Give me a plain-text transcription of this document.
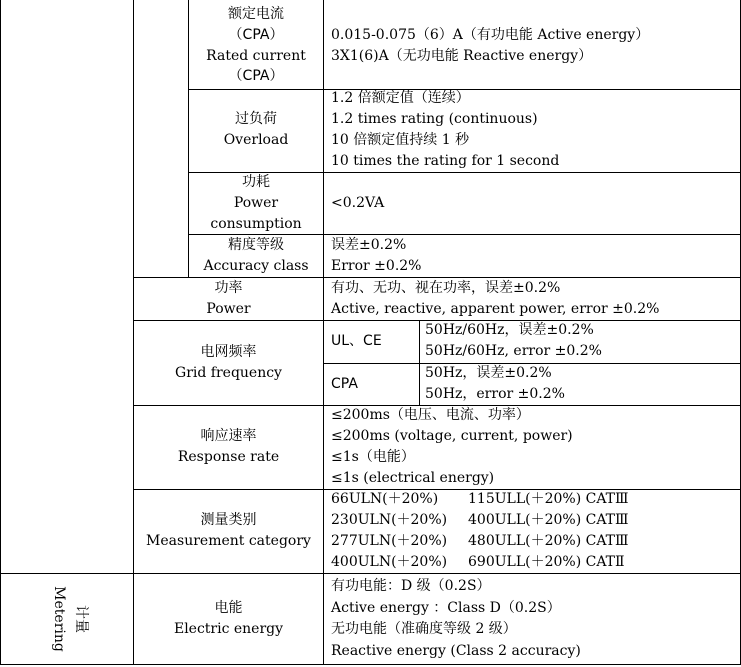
额定电流
（CPA）
Rated current
（CPA）
0.015-0.075（6）A（有功电能 Active energy）
3X1(6)A（无功电能 Reactive energy）
过负荷
Overload
1.2 倍额定值（连续）
1.2 times rating (continuous)
10 倍额定值持续 1 秒
10 times the rating for 1 second
功耗
Power
consumption
<0.2VA
精度等级
Accuracy class
误差±0.2%
Error ±0.2%
功率
Power
有功、无功、视在功率，误差±0.2%
Active, reactive, apparent power, error ±0.2%
电网频率
Grid frequency
UL、CE
50Hz/60Hz，误差±0.2%
50Hz/60Hz, error ±0.2%
CPA
50Hz，误差±0.2%
50Hz，error ±0.2%
响应速率
Response rate
≤200ms（电压、电流、功率）
≤200ms (voltage, current, power)
≤1s（电能）
≤1s (electrical energy)
测量类别
Measurement category
66ULN(＋20%)
230ULN(＋20%)
277ULN(＋20%)
400ULN(＋20%)
115ULL(＋20%) CATⅢ
400ULL(＋20%) CATⅢ
480ULL(＋20%) CATⅢ
690ULL(＋20%) CATⅡ
计量
Metering	电能
Electric energy
有功电能：D 级（0.2S）
Active energy ：Class D（0.2S）
无功电能（准确度等级 2 级）
Reactive energy (Class 2 accuracy)
